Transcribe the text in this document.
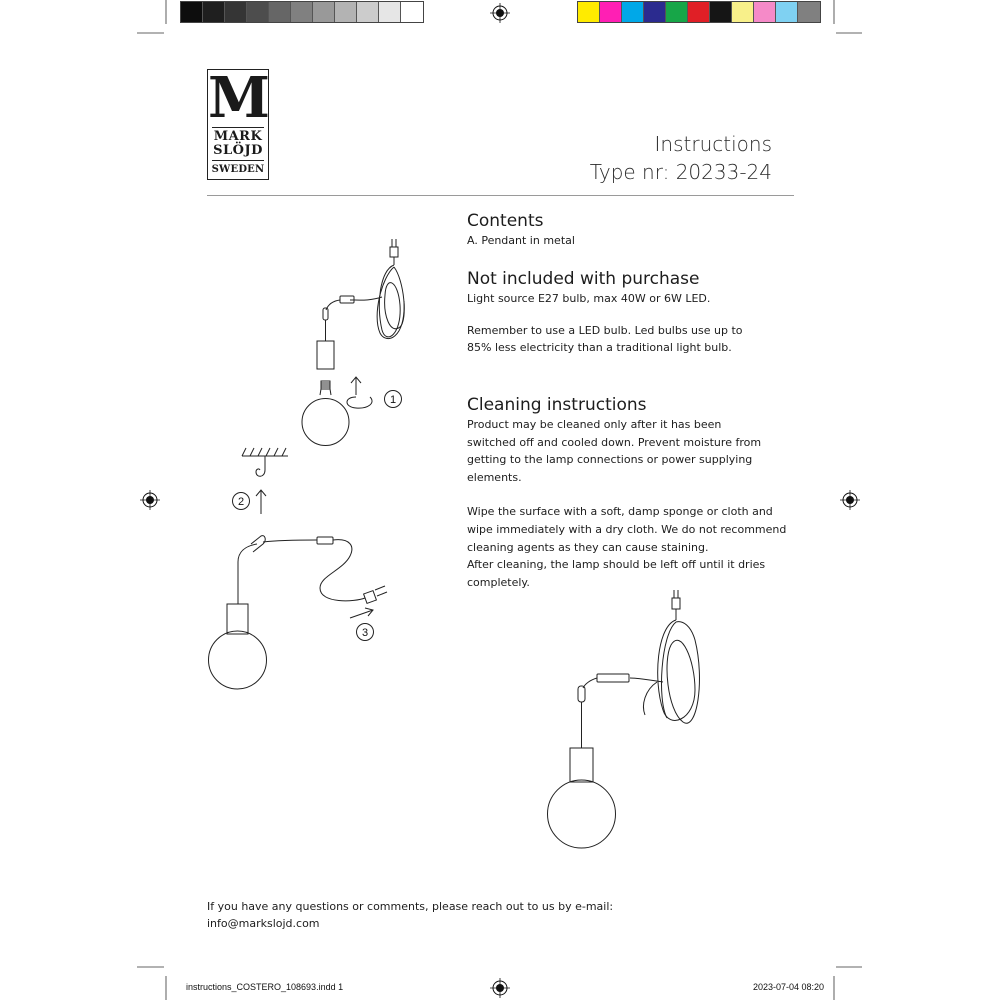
M
MARK
SLÖJD
SWEDEN
Instructions
Type nr: 20233-24
Contents
A. Pendant in metal
Not included with purchase
Light source E27 bulb, max 40W or 6W LED.
Remember to use a LED bulb. Led bulbs use up to
85% less electricity than a traditional light bulb.
Cleaning instructions
Product may be cleaned only after it has been
switched off and cooled down. Prevent moisture from
getting to the lamp connections or power supplying
elements.
Wipe the surface with a soft, damp sponge or cloth and
wipe immediately with a dry cloth. We do not recommend
cleaning agents as they can cause staining.
After cleaning, the lamp should be left off until it dries
completely.
1
2
3
If you have any questions or comments, please reach out to us by e-mail:
info@markslojd.com
instructions_COSTERO_108693.indd 1	2023-07-04 08:20
